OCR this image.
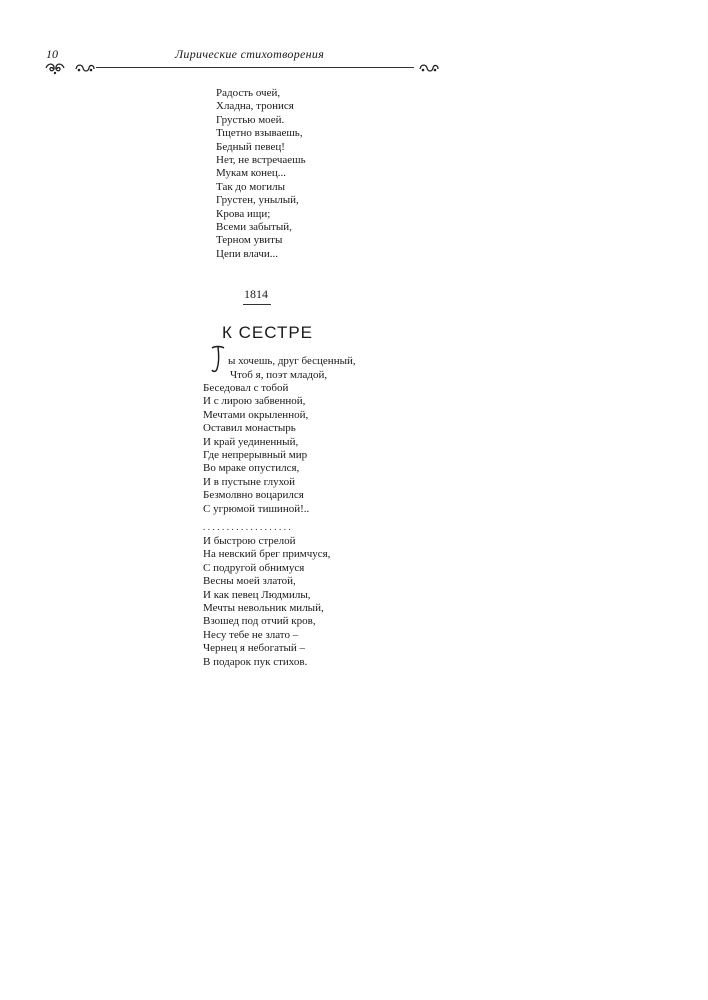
10	Лирические стихотворения
Радость очей,
Хладна, тронися
Грустью моей.
Тщетно взываешь,
Бедный певец!
Нет, не встречаешь
Мукам конец...
Так до могилы
Грустен, унылый,
Крова ищи;
Всеми забытый,
Терном увиты
Цепи влачи...
1814
К СЕСТРЕ
ы хочешь, друг бесценный,
Чтоб я, поэт младой,
Беседовал с тобой
И с лирою забвенной,
Мечтами окрыленной,
Оставил монастырь
И край уединенный,
Где непрерывный мир
Во мраке опустился,
И в пустыне глухой
Безмолвно воцарился
С угрюмой тишиной!..
...................
И быстрою стрелой
На невский брег примчуся,
С подругой обнимуся
Весны моей златой,
И как певец Людмилы,
Мечты невольник милый,
Взошед под отчий кров,
Несу тебе не злато –
Чернец я небогатый –
В подарок пук стихов.
